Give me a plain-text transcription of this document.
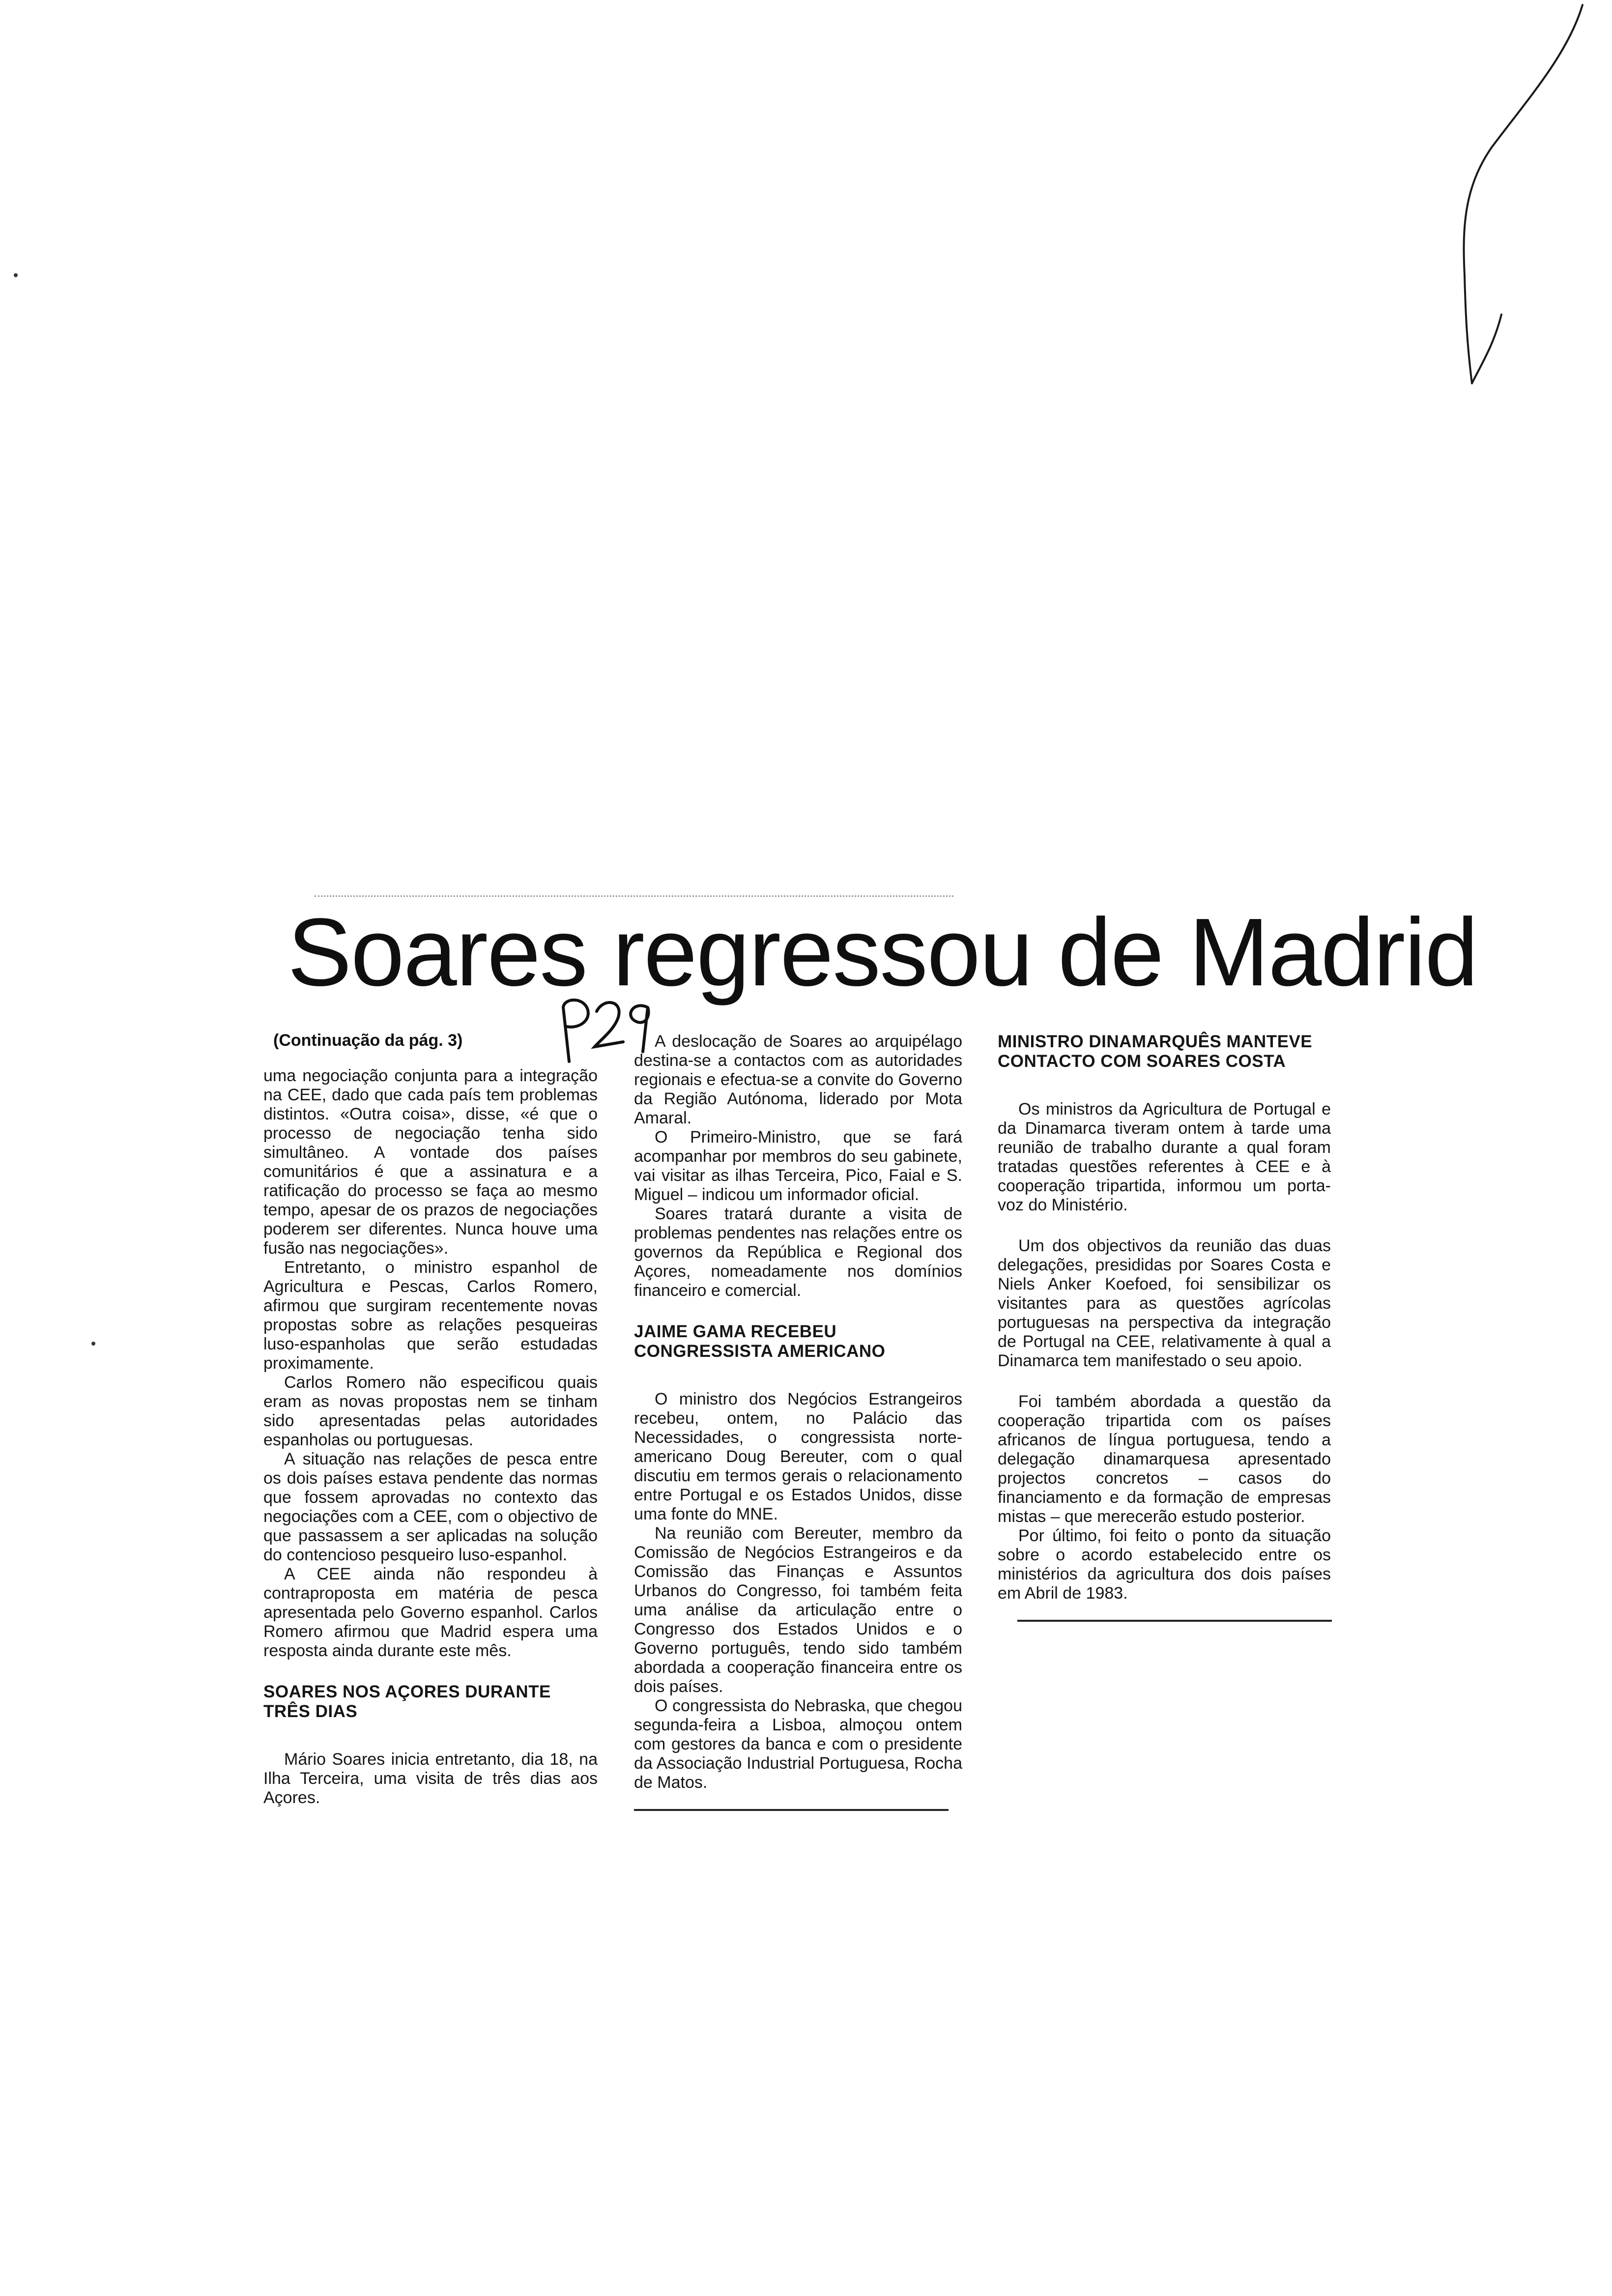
Soares regressou de Madrid
(Continuação da pág. 3)

uma negociação conjunta para a integração na CEE, dado que cada país tem problemas distintos. «Outra coisa», disse, «é que o processo de negociação tenha sido simultâneo. A vontade dos países comunitários é que a assinatura e a ratificação do processo se faça ao mesmo tempo, apesar de os prazos de negociações poderem ser diferentes. Nunca houve uma fusão nas negociações».

Entretanto, o ministro espanhol de Agricultura e Pescas, Carlos Romero, afirmou que surgiram recentemente novas propostas sobre as relações pesqueiras luso-espanholas que serão estudadas proximamente.

Carlos Romero não especificou quais eram as novas propostas nem se tinham sido apresentadas pelas autoridades espanholas ou portuguesas.

A situação nas relações de pesca entre os dois países estava pendente das normas que fossem aprovadas no contexto das negociações com a CEE, com o objectivo de que passassem a ser aplicadas na solução do contencioso pesqueiro luso-espanhol.

A CEE ainda não respondeu à contraproposta em matéria de pesca apresentada pelo Governo espanhol. Carlos Romero afirmou que Madrid espera uma resposta ainda durante este mês.

SOARES NOS AÇORES DURANTE TRÊS DIAS

Mário Soares inicia entretanto, dia 18, na Ilha Terceira, uma visita de três dias aos Açores.

A deslocação de Soares ao arquipélago destina-se a contactos com as autoridades regionais e efectua-se a convite do Governo da Região Autónoma, liderado por Mota Amaral.

O Primeiro-Ministro, que se fará acompanhar por membros do seu gabinete, vai visitar as ilhas Terceira, Pico, Faial e S. Miguel – indicou um informador oficial.

Soares tratará durante a visita de problemas pendentes nas relações entre os governos da República e Regional dos Açores, nomeadamente nos domínios financeiro e comercial.

JAIME GAMA RECEBEU CONGRESSISTA AMERICANO

O ministro dos Negócios Estrangeiros recebeu, ontem, no Palácio das Necessidades, o congressista norte-americano Doug Bereuter, com o qual discutiu em termos gerais o relacionamento entre Portugal e os Estados Unidos, disse uma fonte do MNE.

Na reunião com Bereuter, membro da Comissão de Negócios Estrangeiros e da Comissão das Finanças e Assuntos Urbanos do Congresso, foi também feita uma análise da articulação entre o Congresso dos Estados Unidos e o Governo português, tendo sido também abordada a cooperação financeira entre os dois países.

O congressista do Nebraska, que chegou segunda-feira a Lisboa, almoçou ontem com gestores da banca e com o presidente da Associação Industrial Portuguesa, Rocha de Matos.

MINISTRO DINAMARQUÊS MANTEVE CONTACTO COM SOARES COSTA

Os ministros da Agricultura de Portugal e da Dinamarca tiveram ontem à tarde uma reunião de trabalho durante a qual foram tratadas questões referentes à CEE e à cooperação tripartida, informou um porta-voz do Ministério.

Um dos objectivos da reunião das duas delegações, presididas por Soares Costa e Niels Anker Koefoed, foi sensibilizar os visitantes para as questões agrícolas portuguesas na perspectiva da integração de Portugal na CEE, relativamente à qual a Dinamarca tem manifestado o seu apoio.

Foi também abordada a questão da cooperação tripartida com os países africanos de língua portuguesa, tendo a delegação dinamarquesa apresentado projectos concretos – casos do financiamento e da formação de empresas mistas – que merecerão estudo posterior.

Por último, foi feito o ponto da situação sobre o acordo estabelecido entre os ministérios da agricultura dos dois países em Abril de 1983.
